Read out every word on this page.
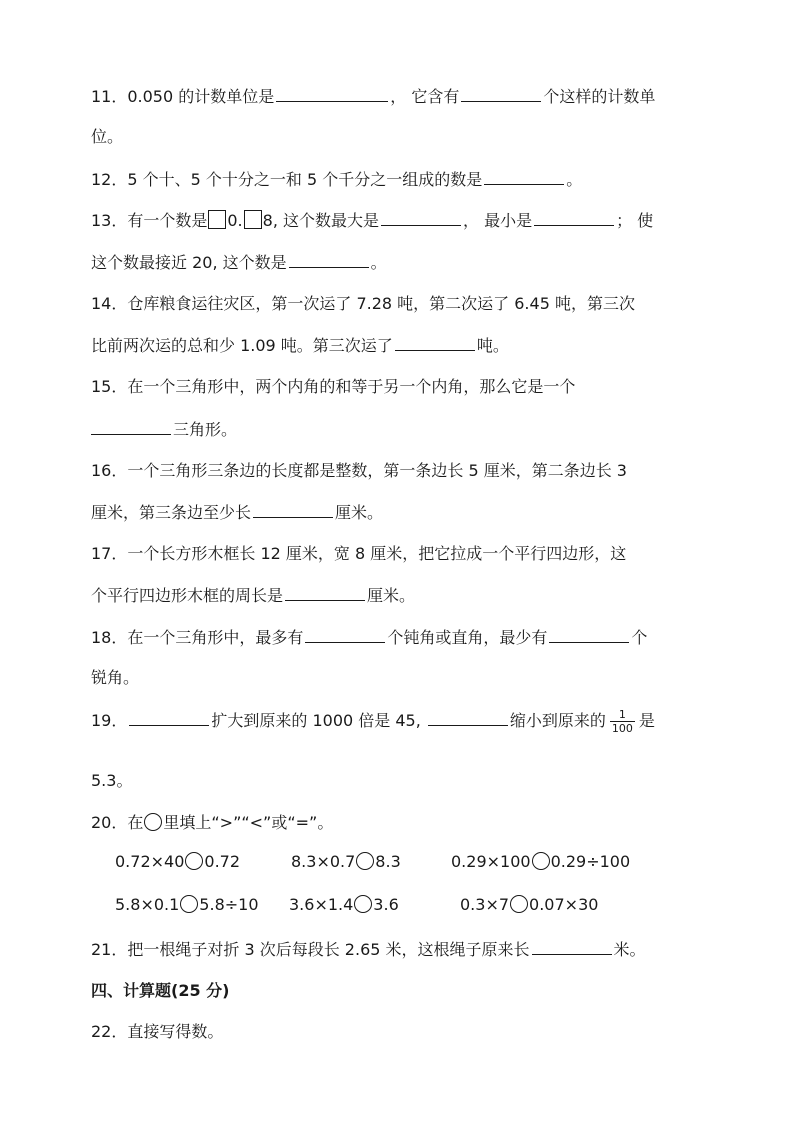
11．0.050 的计数单位是	， 它含有	个这样的计数单
位。
12．5 个十、5 个十分之一和 5 个千分之一组成的数是	。
13．有一个数是 0. 8, 这个数最大是	， 最小是	； 使
这个数最接近 20, 这个数是	。
14．仓库粮食运往灾区，第一次运了 7.28 吨，第二次运了 6.45 吨，第三次
比前两次运的总和少 1.09 吨。第三次运了	吨。
15．在一个三角形中，两个内角的和等于另一个内角，那么它是一个
三角形。
16．一个三角形三条边的长度都是整数，第一条边长 5 厘米，第二条边长 3
厘米，第三条边至少长	厘米。
17．一个长方形木框长 12 厘米，宽 8 厘米，把它拉成一个平行四边形，这
个平行四边形木框的周长是	厘米。
18．在一个三角形中，最多有	个钝角或直角，最少有	个
锐角。
19．	扩大到原来的 1000 倍是 45,	缩小到原来的 $\frac{1}{100}$ 是
5.3。
20．在 里填上“>”“<”或“=”。
0.72×40 0.72	8.3×0.7 8.3	0.29×100 0.29÷100
5.8×0.1 5.8÷10 3.6×1.4 3.6	0.3×7 0.07×30
21．把一根绳子对折 3 次后每段长 2.65 米，这根绳子原来长	米。
四、计算题(25 分)
22．直接写得数。
